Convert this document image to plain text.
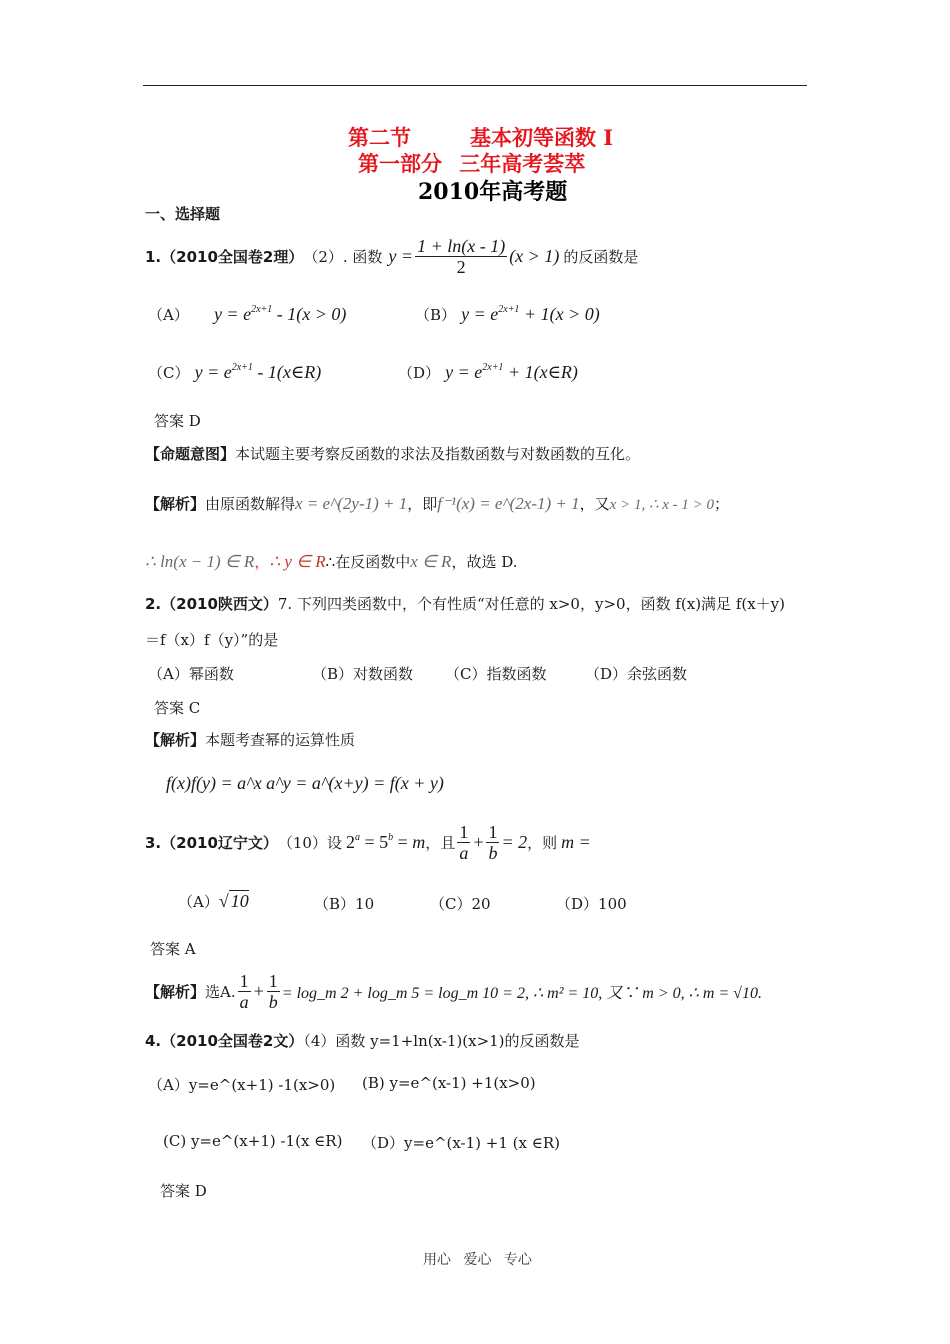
第二节	基本初等函数 I
第一部分 三年高考荟萃
2010年高考题
一、选择题
1.（2010全国卷2理） （2）. 函数 $y = \frac{1 + \ln(x - 1)}{2} (x > 1)$ 的反函数是
（A） $y = e^{2x+1} - 1(x > 0)$	（B） $y = e^{2x+1} + 1(x > 0)$
（C） $y = e^{2x+1}$ - 1(x∈R)	（D） $y = e^{2x+1}$ + 1(x∈R)
答案 D
【命题意图】本试题主要考察反函数的求法及指数函数与对数函数的互化。
【解析】由原函数解得x = e^(2y-1) + 1，即f⁻¹(x) = e^(2x-1) + 1，又x > 1, ∴ x - 1 > 0；
∴ ln(x − 1) ∈ R，∴ y ∈ R∴在反函数中x ∈ R，故选 D.
2.（2010陕西文）7. 下列四类函数中，个有性质“对任意的 x>0，y>0，函数 f(x)满足 f(x＋y)
＝f（x）f（y）”的是
（A）幂函数	（B）对数函数 （C）指数函数	（D）余弦函数
答案 C
【解析】本题考查幂的运算性质
f(x)f(y) = a^x a^y = a^(x+y) = f(x + y)
3.（2010辽宁文） （10）设 $2^a = 5^b = m$ ，且 $\frac{1}{a} + \frac{1}{b} = 2$ ，则 m =
（A）√ 10	（B）10	（C）20	（D）100
答案 A
【解析】 选A. $\frac{1}{a} + \frac{1}{b}$ = log_m 2 + log_m 5 = log_m 10 = 2, ∴ m² = 10, 又∵ m > 0, ∴ m = √10.
4.（2010全国卷2文）（4）函数 y=1+ln(x-1)(x>1)的反函数是
（A）y=e^(x+1) -1(x>0) (B) y=e^(x-1) +1(x>0)
(C) y=e^(x+1) -1(x ∈R) （D）y=e^(x-1) +1 (x ∈R)
答案 D
用心 爱心 专心
